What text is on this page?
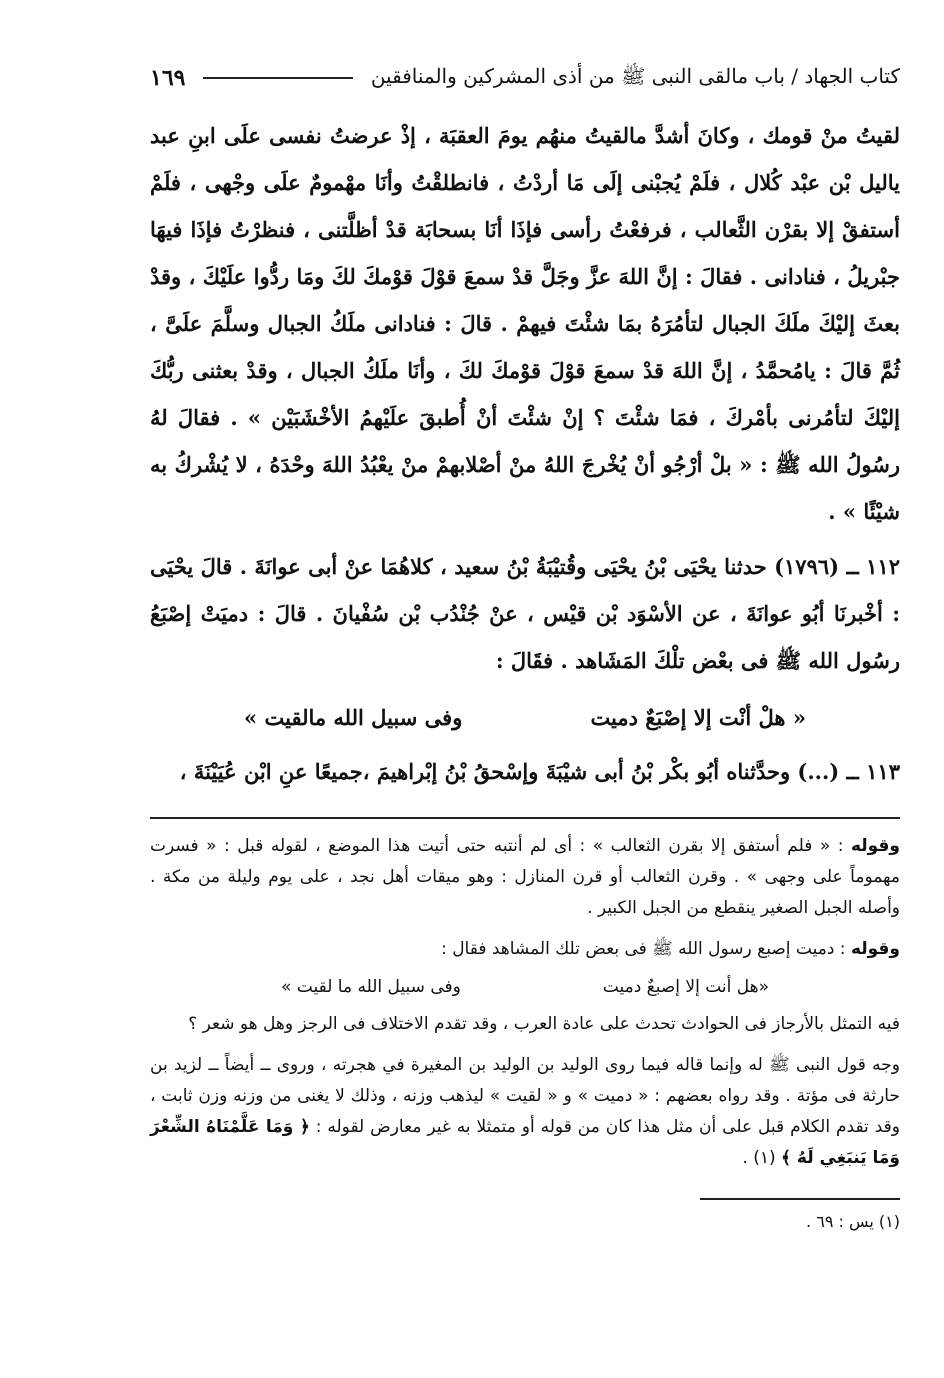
كتاب الجهاد / باب مالقى النبى ﷺ من أذى المشركين والمنافقين
١٦٩

لقيتُ منْ قومك ، وكانَ أشدَّ مالقيتُ منهُم يومَ العقبَة ، إذْ عرضتُ نفسى علَى ابنِ عبد ياليل بْن عبْد كُلال ، فلَمْ يُجبْنى إلَى مَا أردْتُ ، فانطلقْتُ وأنَا مهْمومٌ علَى وجْهى ، فلَمْ أستفقْ إلا بقرْن الثَّعالب ، فرفعْتُ رأسى فإذَا أنَا بسحابَة قدْ أظلَّتنى ، فنظرْتُ فإذَا فيهَا جبْريلُ ، فنادانى . فقالَ : إنَّ اللهَ عزَّ وجَلَّ قدْ سمعَ قوْلَ قوْمكَ لكَ ومَا ردُّوا علَيْكَ ، وقدْ بعثَ إليْكَ ملَكَ الجبال لتأمُرَهُ بمَا شئْتَ فيهمْ . قالَ : فنادانى ملَكُ الجبال وسلَّمَ علَىَّ ، ثُمَّ قالَ : يامُحمَّدُ ، إنَّ اللهَ قدْ سمعَ قوْلَ قوْمكَ لكَ ، وأنَا ملَكُ الجبال ، وقدْ بعثنى ربُّكَ إليْكَ لتأمُرنى بأمْركَ ، فمَا شئْتَ ؟ إنْ شئْتَ أنْ أُطبقَ علَيْهمُ الأخْشَبَيْن » . فقالَ لهُ رسُولُ الله ﷺ : « بلْ أرْجُو أنْ يُخْرجَ اللهُ منْ أصْلابهمْ منْ يعْبُدُ اللهَ وحْدَهُ ، لا يُشْركُ به شيْئًا » .

١١٢ ــ (١٧٩٦) حدثنا يحْيَى بْنُ يحْيَى وقُتيْبَةُ بْنُ سعيد ، كلاهُمَا عنْ أبى عوانَةَ . قالَ يحْيَى : أخْبرنَا أبُو عوانَةَ ، عن الأسْوَد بْن قيْس ، عنْ جُنْدُب بْن سُفْيانَ . قالَ : دميَتْ إصْبَعُ رسُول الله ﷺ فى بعْض تلْكَ المَشَاهد . فقَالَ :

« هلْ أنْت إلا إصْبَعٌ دميت
وفى سبيل الله مالقيت »

١١٣ ــ (...) وحدَّثناه أبُو بكْر بْنُ أبى شيْبَةَ وإسْحقُ بْنُ إبْراهيمَ ،جميعًا عنِ ابْن عُيَيْنَةَ ،

وقوله : « فلم أستفق إلا بقرن الثعالب » : أى لم أنتبه حتى أتيت هذا الموضع ، لقوله قبل : « فسرت مهموماً على وجهى » . وقرن الثعالب أو قرن المنازل : وهو ميقات أهل نجد ، على يوم وليلة من مكة . وأصله الجبل الصغير ينقطع من الجبل الكبير .

وقوله : دميت إصبع رسول الله ﷺ فى بعض تلك المشاهد فقال :

«هل أنت إلا إصبعٌ دميت
وفى سبيل الله ما لقيت »

فيه التمثل بالأرجاز فى الحوادث تحدث على عادة العرب ، وقد تقدم الاختلاف فى الرجز وهل هو شعر ؟

وجه قول النبى ﷺ له وإنما قاله فيما روى الوليد بن الوليد بن المغيرة في هجرته ، وروى ــ أيضاً ــ لزيد بن حارثة فى مؤتة . وقد رواه بعضهم : « دميت » و « لقيت » ليذهب وزنه ، وذلك لا يغنى من وزنه وزن ثابت ، وقد تقدم الكلام قبل على أن مثل هذا كان من قوله أو متمثلا به غير معارض لقوله : ﴿ وَمَا عَلَّمْنَاهُ الشِّعْرَ وَمَا يَنبَغِي لَهُ ﴾ (١) .

(١) يس : ٦٩ .
